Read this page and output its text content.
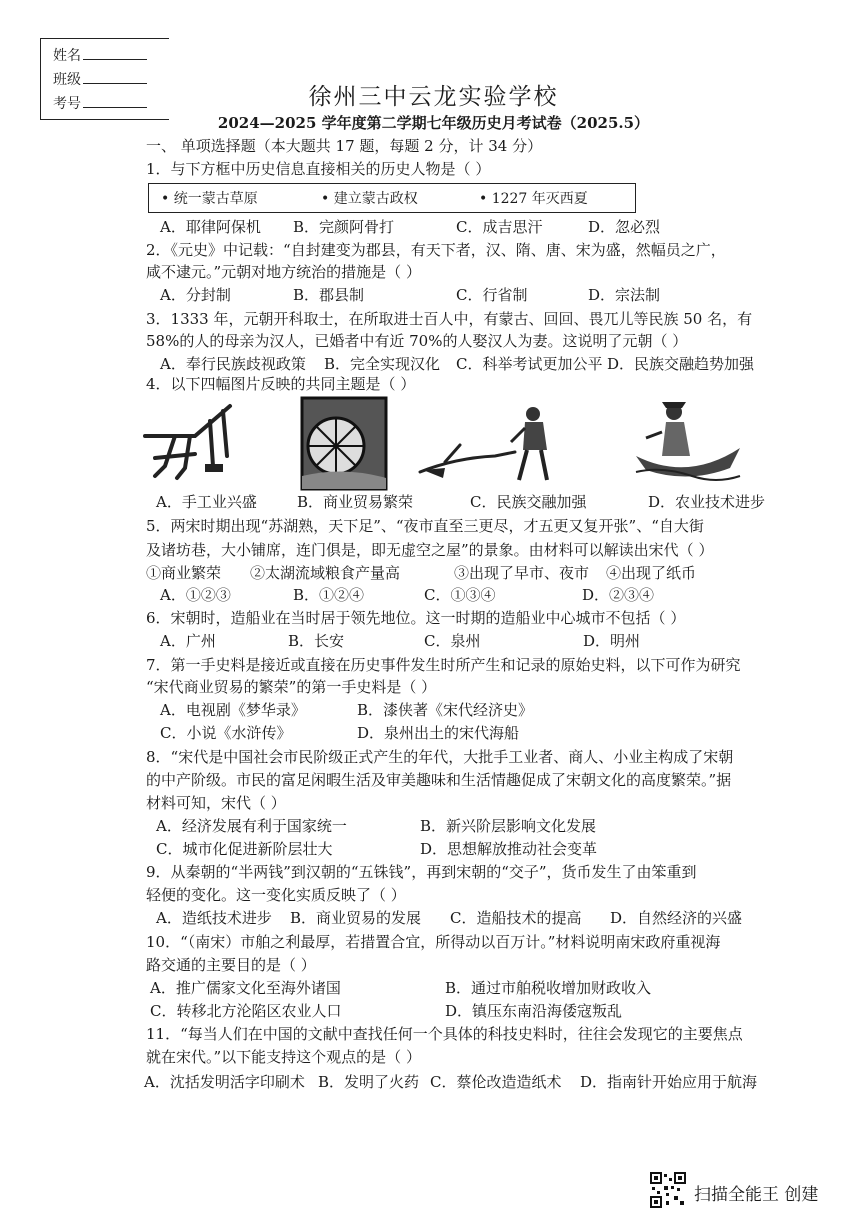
姓名
班级
考号	徐州三中云龙实验学校
2024—2025 学年度第二学期七年级历史月考试卷（2025.5）
一、 单项选择题（本大题共 17 题，每题 2 分，计 34 分）
1．与下方框中历史信息直接相关的历史人物是（ ）
• 统一蒙古草原	• 建立蒙古政权	• 1227 年灭西夏
A．耶律阿保机 B．完颜阿骨打	C．成吉思汗	D．忽必烈
2．《元史》中记载：“自封建变为郡县，有天下者，汉、隋、唐、宋为盛，然幅员之广，
咸不逮元。”元朝对地方统治的措施是（ ）
A．分封制	B．郡县制	C．行省制	D．宗法制
3．1333 年，元朝开科取士，在所取进士百人中，有蒙古、回回、畏兀儿等民族 50 名，有
58%的人的母亲为汉人，已婚者中有近 70%的人娶汉人为妻。这说明了元朝（ ）
A．奉行民族歧视政策 B．完全实现汉化 C．科举考试更加公平 D．民族交融趋势加强
4．以下四幅图片反映的共同主题是（ ）
A．手工业兴盛	B．商业贸易繁荣	C．民族交融加强	D．农业技术进步
5．两宋时期出现“苏湖熟，天下足”、“夜市直至三更尽，才五更又复开张”、“自大街
及诸坊巷，大小铺席，连门俱是，即无虚空之屋”的景象。由材料可以解读出宋代（ ）
①商业繁荣 ②太湖流域粮食产量高	③出现了早市、夜市 ④出现了纸币
A．①②③	B．①②④	C．①③④	D．②③④
6．宋朝时，造船业在当时居于领先地位。这一时期的造船业中心城市不包括（ ）
A．广州	B．长安	C．泉州	D．明州
7．第一手史料是接近或直接在历史事件发生时所产生和记录的原始史料，以下可作为研究
“宋代商业贸易的繁荣”的第一手史料是（ ）
A．电视剧《梦华录》	B．漆侠著《宋代经济史》
C．小说《水浒传》	D．泉州出土的宋代海船
8．“宋代是中国社会市民阶级正式产生的年代，大批手工业者、商人、小业主构成了宋朝
的中产阶级。市民的富足闲暇生活及审美趣味和生活情趣促成了宋朝文化的高度繁荣。”据
材料可知，宋代（ ）
A．经济发展有利于国家统一	B．新兴阶层影响文化发展
C．城市化促进新阶层壮大	D．思想解放推动社会变革
9．从秦朝的“半两钱”到汉朝的“五铢钱”，再到宋朝的“交子”，货币发生了由笨重到
轻便的变化。这一变化实质反映了（ ）
A．造纸技术进步 B．商业贸易的发展 C．造船技术的提高 D．自然经济的兴盛
10．“（南宋）市舶之利最厚，若措置合宜，所得动以百万计。”材料说明南宋政府重视海
路交通的主要目的是（ ）
A．推广儒家文化至海外诸国	B．通过市舶税收增加财政收入
C．转移北方沦陷区农业人口	D．镇压东南沿海倭寇叛乱
11．“每当人们在中国的文献中查找任何一个具体的科技史料时，往往会发现它的主要焦点
就在宋代。”以下能支持这个观点的是（ ）
A．沈括发明活字印刷术 B．发明了火药 C．蔡伦改造造纸术 D．指南针开始应用于航海
扫描全能王 创建
